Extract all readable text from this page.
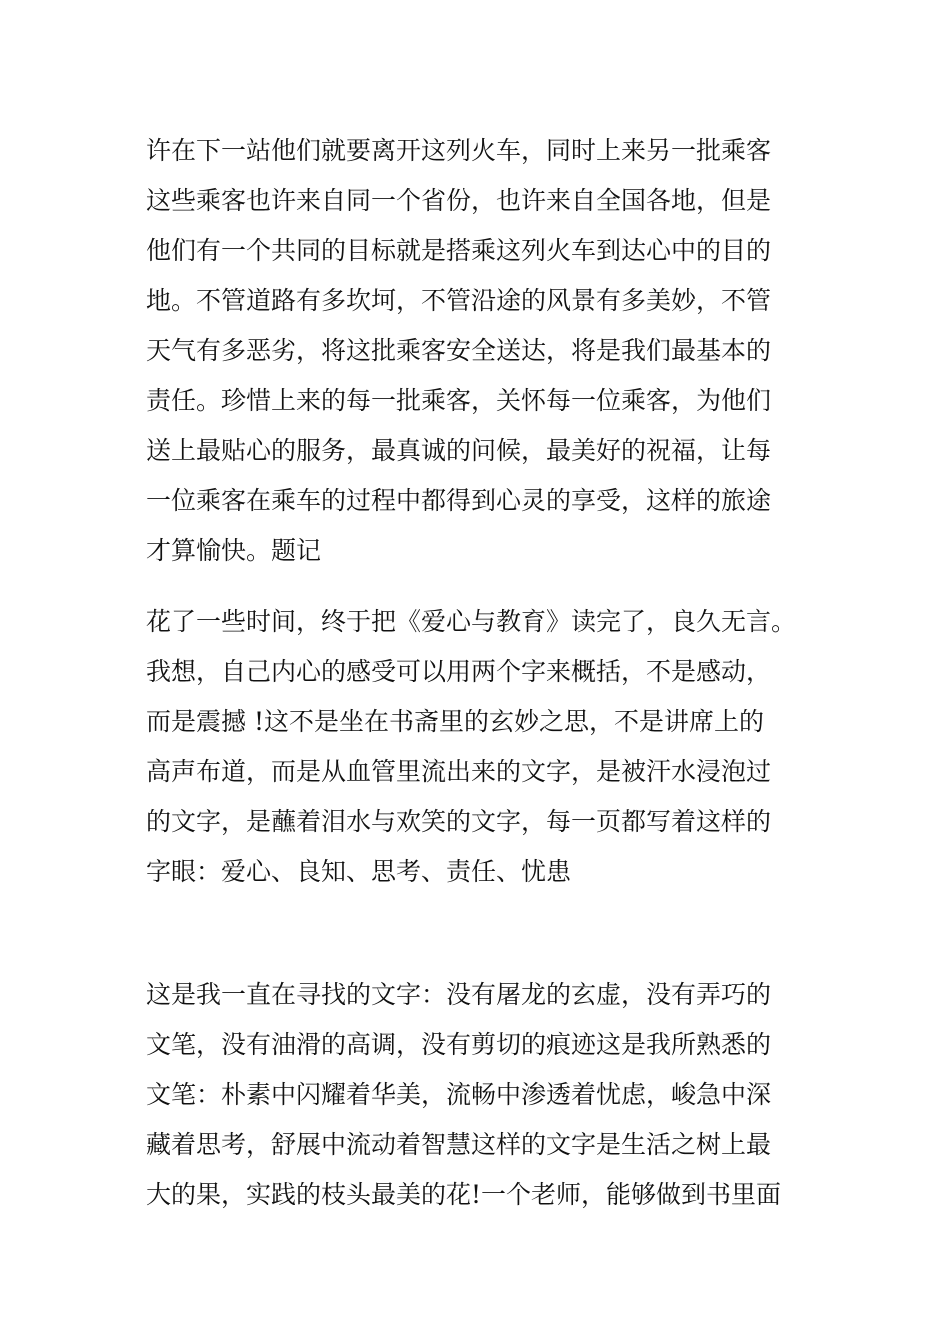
许在下一站他们就要离开这列火车，同时上来另一批乘客
这些乘客也许来自同一个省份，也许来自全国各地，但是
他们有一个共同的目标就是搭乘这列火车到达心中的目的
地。不管道路有多坎坷，不管沿途的风景有多美妙，不管
天气有多恶劣，将这批乘客安全送达，将是我们最基本的
责任。珍惜上来的每一批乘客，关怀每一位乘客，为他们
送上最贴心的服务，最真诚的问候，最美好的祝福，让每
一位乘客在乘车的过程中都得到心灵的享受，这样的旅途
才算愉快。题记
花了一些时间，终于把《爱心与教育》读完了，良久无言。
我想，自己内心的感受可以用两个字来概括，不是感动，
而是震撼 !这不是坐在书斋里的玄妙之思，不是讲席上的
高声布道，而是从血管里流出来的文字，是被汗水浸泡过
的文字，是蘸着泪水与欢笑的文字，每一页都写着这样的
字眼：爱心、良知、思考、责任、忧患
这是我一直在寻找的文字：没有屠龙的玄虚，没有弄巧的
文笔，没有油滑的高调，没有剪切的痕迹这是我所熟悉的
文笔：朴素中闪耀着华美，流畅中渗透着忧虑，峻急中深
藏着思考，舒展中流动着智慧这样的文字是生活之树上最
大的果，实践的枝头最美的花!一个老师，能够做到书里面
